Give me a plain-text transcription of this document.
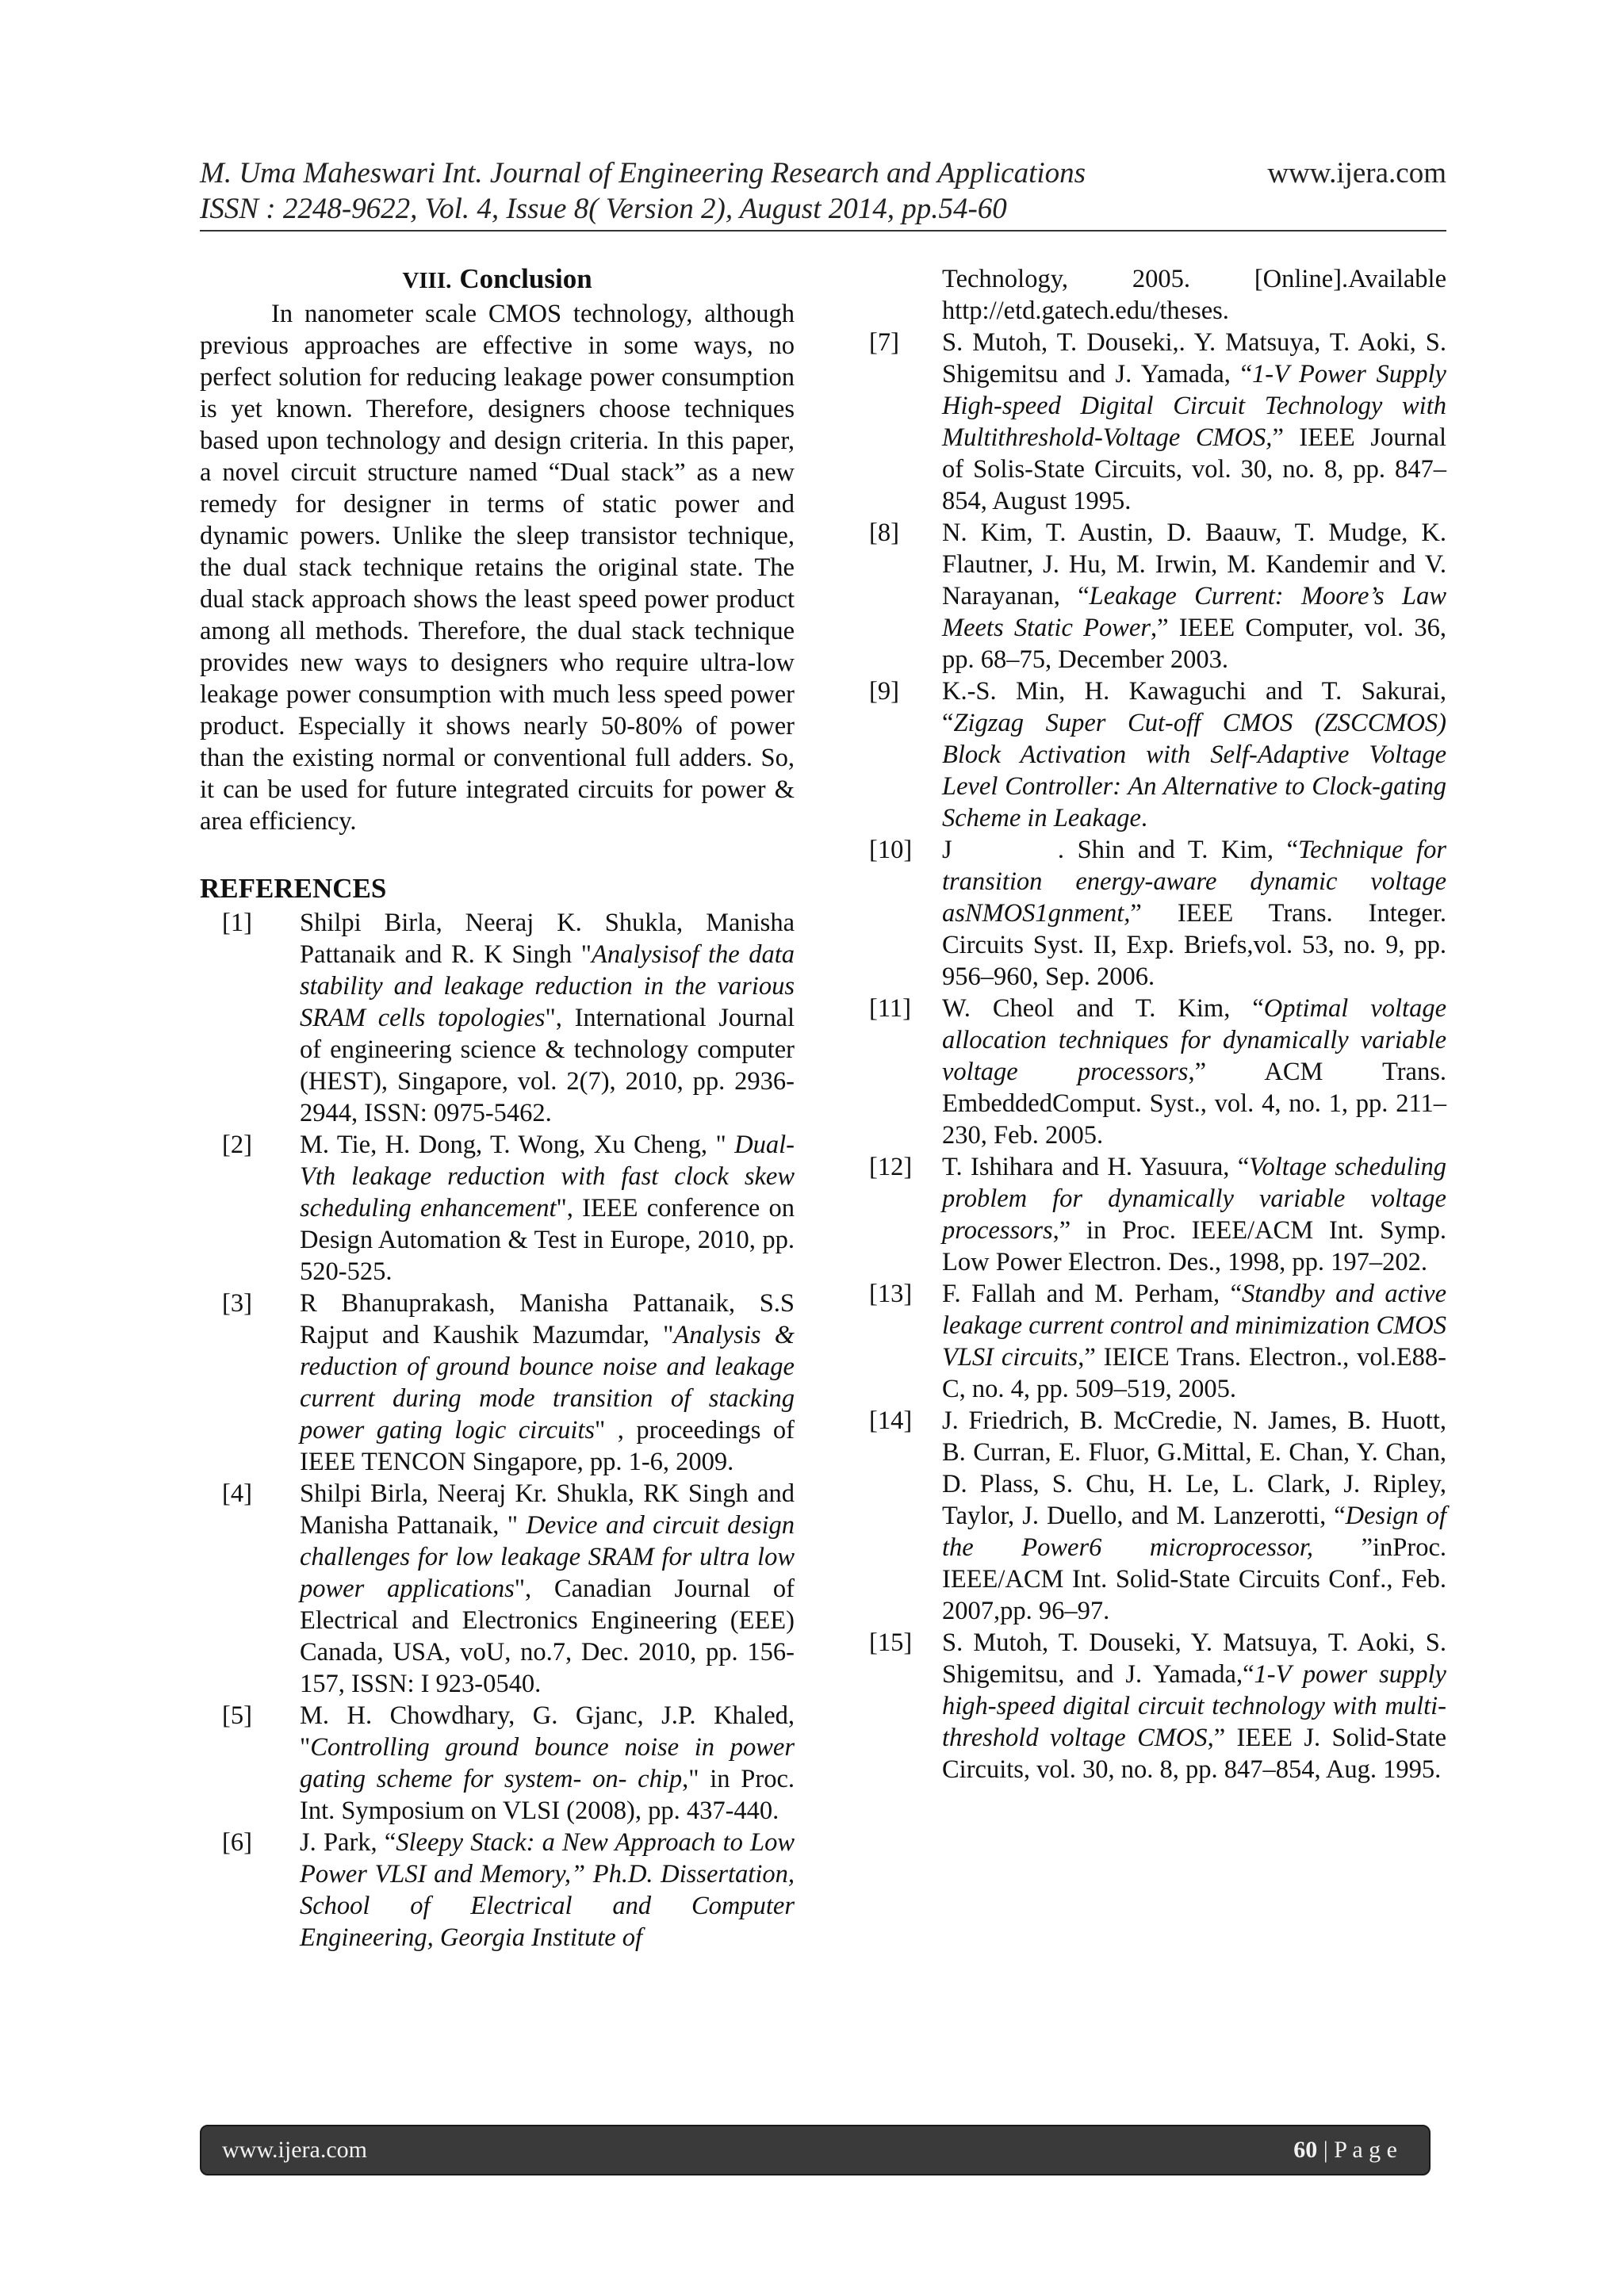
M. Uma Maheswari Int. Journal of Engineering Research and Applications	www.ijera.com
ISSN : 2248-9622, Vol. 4, Issue 8( Version 2), August 2014, pp.54-60
VIII. Conclusion

In nanometer scale CMOS technology, although previous approaches are effective in some ways, no perfect solution for reducing leakage power consumption is yet known. Therefore, designers choose techniques based upon technology and design criteria. In this paper, a novel circuit structure named “Dual stack” as a new remedy for designer in terms of static power and dynamic powers. Unlike the sleep transistor technique, the dual stack technique retains the original state. The dual stack approach shows the least speed power product among all methods. Therefore, the dual stack technique provides new ways to designers who require ultra-low leakage power consumption with much less speed power product. Especially it shows nearly 50-80% of power than the existing normal or conventional full adders. So, it can be used for future integrated circuits for power & area efficiency.

REFERENCES
[1]	Shilpi Birla, Neeraj K. Shukla, Manisha Pattanaik and R. K Singh "Analysisof the data stability and leakage reduction in the various SRAM cells topologies", International Journal of engineering science & technology computer (HEST), Singapore, vol. 2(7), 2010, pp. 2936-2944, ISSN: 0975-5462.
[2]	M. Tie, H. Dong, T. Wong, Xu Cheng, " Dual- Vth leakage reduction with fast clock skew scheduling enhancement", IEEE conference on Design Automation & Test in Europe, 2010, pp. 520-525.
[3]	R Bhanuprakash, Manisha Pattanaik, S.S Rajput and Kaushik Mazumdar, "Analysis & reduction of ground bounce noise and leakage current during mode transition of stacking power gating logic circuits" , proceedings of IEEE TENCON Singapore, pp. 1-6, 2009.
[4]	Shilpi Birla, Neeraj Kr. Shukla, RK Singh and Manisha Pattanaik, " Device and circuit design challenges for low leakage SRAM for ultra low power applications", Canadian Journal of Electrical and Electronics Engineering (EEE) Canada, USA, voU, no.7, Dec. 2010, pp. 156-157, ISSN: I 923-0540.
[5]	M. H. Chowdhary, G. Gjanc, J.P. Khaled, "Controlling ground bounce noise in power gating scheme for system- on- chip," in Proc. Int. Symposium on VLSI (2008), pp. 437-440.
[6]	J. Park, “Sleepy Stack: a New Approach to Low Power VLSI and Memory,” Ph.D. Dissertation, School of Electrical and Computer Engineering, Georgia Institute of
Technology, 2005. [Online].Available http://etd.gatech.edu/theses.
[7]	S. Mutoh, T. Douseki,. Y. Matsuya, T. Aoki, S. Shigemitsu and J. Yamada, “1-V Power Supply High-speed Digital Circuit Technology with Multithreshold-Voltage CMOS,” IEEE Journal of Solis-State Circuits, vol. 30, no. 8, pp. 847–854, August 1995.
[8]	N. Kim, T. Austin, D. Baauw, T. Mudge, K. Flautner, J. Hu, M. Irwin, M. Kandemir and V. Narayanan, “Leakage Current: Moore’s Law Meets Static Power,” IEEE Computer, vol. 36, pp. 68–75, December 2003.
[9]	K.-S. Min, H. Kawaguchi and T. Sakurai, “Zigzag Super Cut-off CMOS (ZSCCMOS) Block Activation with Self-Adaptive Voltage Level Controller: An Alternative to Clock-gating Scheme in Leakage.
[10]	J        . Shin and T. Kim, “Technique for transition energy-aware dynamic voltage asNMOS1gnment,” IEEE Trans. Integer. Circuits Syst. II, Exp. Briefs,vol. 53, no. 9, pp. 956–960, Sep. 2006.
[11]	W. Cheol and T. Kim, “Optimal voltage allocation techniques for dynamically variable voltage processors,” ACM Trans. EmbeddedComput. Syst., vol. 4, no. 1, pp. 211–230, Feb. 2005.
[12]	T. Ishihara and H. Yasuura, “Voltage scheduling problem for dynamically variable voltage processors,” in Proc. IEEE/ACM Int. Symp. Low Power Electron. Des., 1998, pp. 197–202.
[13]	F. Fallah and M. Perham, “Standby and active leakage current control and minimization CMOS VLSI circuits,” IEICE Trans. Electron., vol.E88-C, no. 4, pp. 509–519, 2005.
[14]	J. Friedrich, B. McCredie, N. James, B. Huott, B. Curran, E. Fluor, G.Mittal, E. Chan, Y. Chan, D. Plass, S. Chu, H. Le, L. Clark, J. Ripley, Taylor, J. Duello, and M. Lanzerotti, “Design of the Power6 microprocessor, ”inProc. IEEE/ACM Int. Solid-State Circuits Conf., Feb. 2007,pp. 96–97.
[15]	S. Mutoh, T. Douseki, Y. Matsuya, T. Aoki, S. Shigemitsu, and J. Yamada,“1-V power supply high-speed digital circuit technology with multi-threshold voltage CMOS,” IEEE J. Solid-State Circuits, vol. 30, no. 8, pp. 847–854, Aug. 1995.
www.ijera.com	60 | P a g e
